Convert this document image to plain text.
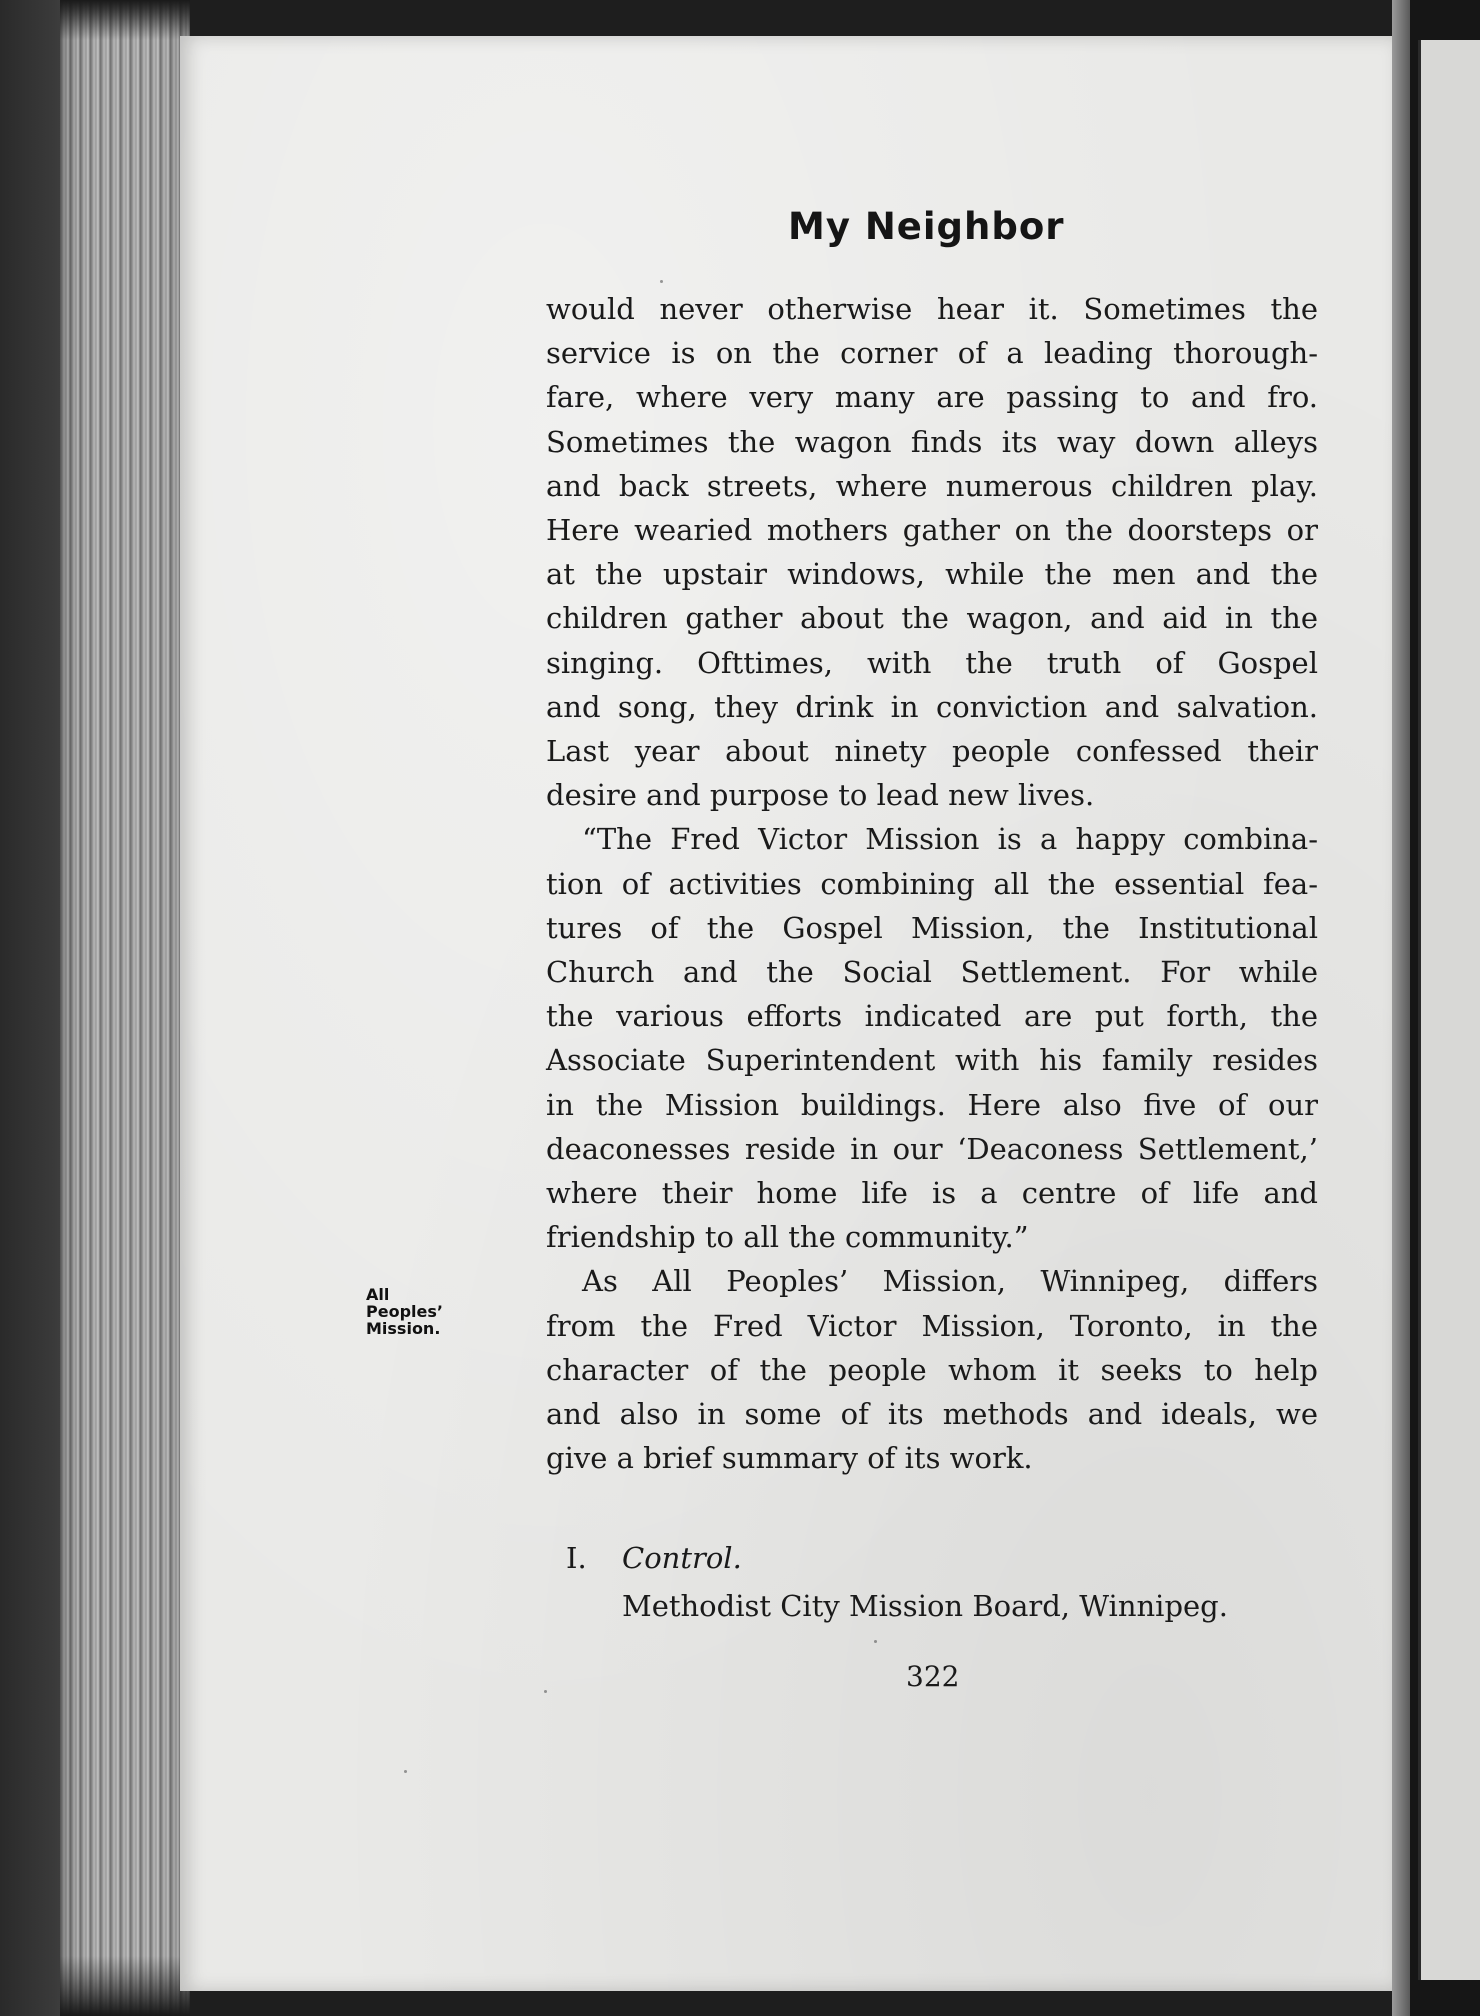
My Neighbor

would never otherwise hear it. Sometimes the
service is on the corner of a leading thorough-
fare, where very many are passing to and fro.
Sometimes the wagon finds its way down alleys
and back streets, where numerous children play.
Here wearied mothers gather on the doorsteps or
at the upstair windows, while the men and the
children gather about the wagon, and aid in the
singing. Ofttimes, with the truth of Gospel
and song, they drink in conviction and salvation.
Last year about ninety people confessed their
desire and purpose to lead new lives.

“The Fred Victor Mission is a happy combina-
tion of activities combining all the essential fea-
tures of the Gospel Mission, the Institutional
Church and the Social Settlement. For while
the various efforts indicated are put forth, the
Associate Superintendent with his family resides
in the Mission buildings. Here also five of our
deaconesses reside in our ‘Deaconess Settlement,’
where their home life is a centre of life and
friendship to all the community.”

As All Peoples’ Mission, Winnipeg, differs
from the Fred Victor Mission, Toronto, in the
character of the people whom it seeks to help
and also in some of its methods and ideals, we
give a brief summary of its work.

All
Peoples’
Mission.
I. Control.
Methodist City Mission Board, Winnipeg.
322
